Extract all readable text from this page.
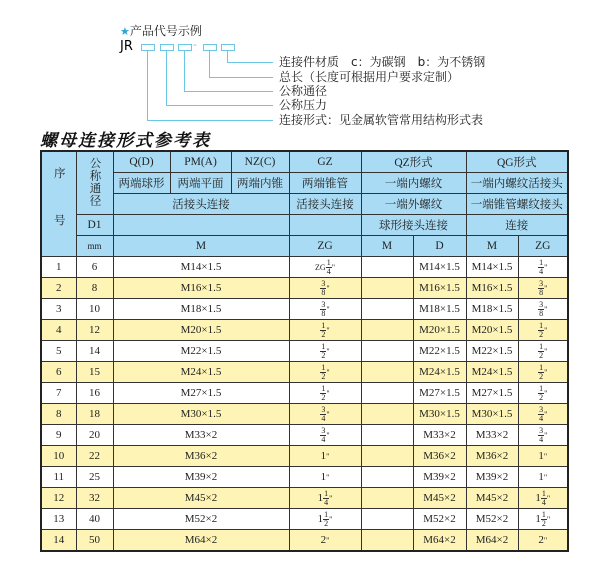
★产品代号示例
JR	-
连接件材质　c：为碳钢　b：为不锈钢
总长（长度可根据用户要求定制）
公称通径
公称压力
连接形式：见金属软管常用结构形式表
螺母连接形式参考表
序　号	公称通径	Q(D)	PM(A)	NZ(C)	GZ	QZ形式		QG形式	
		两端球形	两端平面	两端内锥	两端锥管	一端内螺纹		一端内螺纹活接头	
		活接头连接			活接头连接	一端外螺纹		一端锥管螺纹接头	
	D1					球形接头连接		连接	
	mm	M			ZG	M	D	M	ZG
1	6	M14×1.5			ZG $\frac{1}{4}$ "		M14×1.5	M14×1.5	$\frac{1}{4}$ "
2	8	M16×1.5			$\frac{3}{8}$ "		M16×1.5	M16×1.5	$\frac{3}{8}$ "
3	10	M18×1.5			$\frac{3}{8}$ "		M18×1.5	M18×1.5	$\frac{3}{8}$ "
4	12	M20×1.5			$\frac{1}{2}$ "		M20×1.5	M20×1.5	$\frac{1}{2}$ "
5	14	M22×1.5			$\frac{1}{2}$ "		M22×1.5	M22×1.5	$\frac{1}{2}$ "
6	15	M24×1.5			$\frac{1}{2}$ "		M24×1.5	M24×1.5	$\frac{1}{2}$ "
7	16	M27×1.5			$\frac{1}{2}$ "		M27×1.5	M27×1.5	$\frac{1}{2}$ "
8	18	M30×1.5			$\frac{3}{4}$ "		M30×1.5	M30×1.5	$\frac{3}{4}$ "
9	20	M33×2			$\frac{3}{4}$ "		M33×2	M33×2	$\frac{3}{4}$ "
10	22	M36×2			1"		M36×2	M36×2	1"
11	25	M39×2			1"		M39×2	M39×2	1"
12	32	M45×2			$1 \frac{1}{4}$ "		M45×2	M45×2	$1 \frac{1}{4}$ "
13	40	M52×2			$1 \frac{1}{2}$ "		M52×2	M52×2	$1 \frac{1}{2}$ "
14	50	M64×2			2"		M64×2	M64×2	2"
